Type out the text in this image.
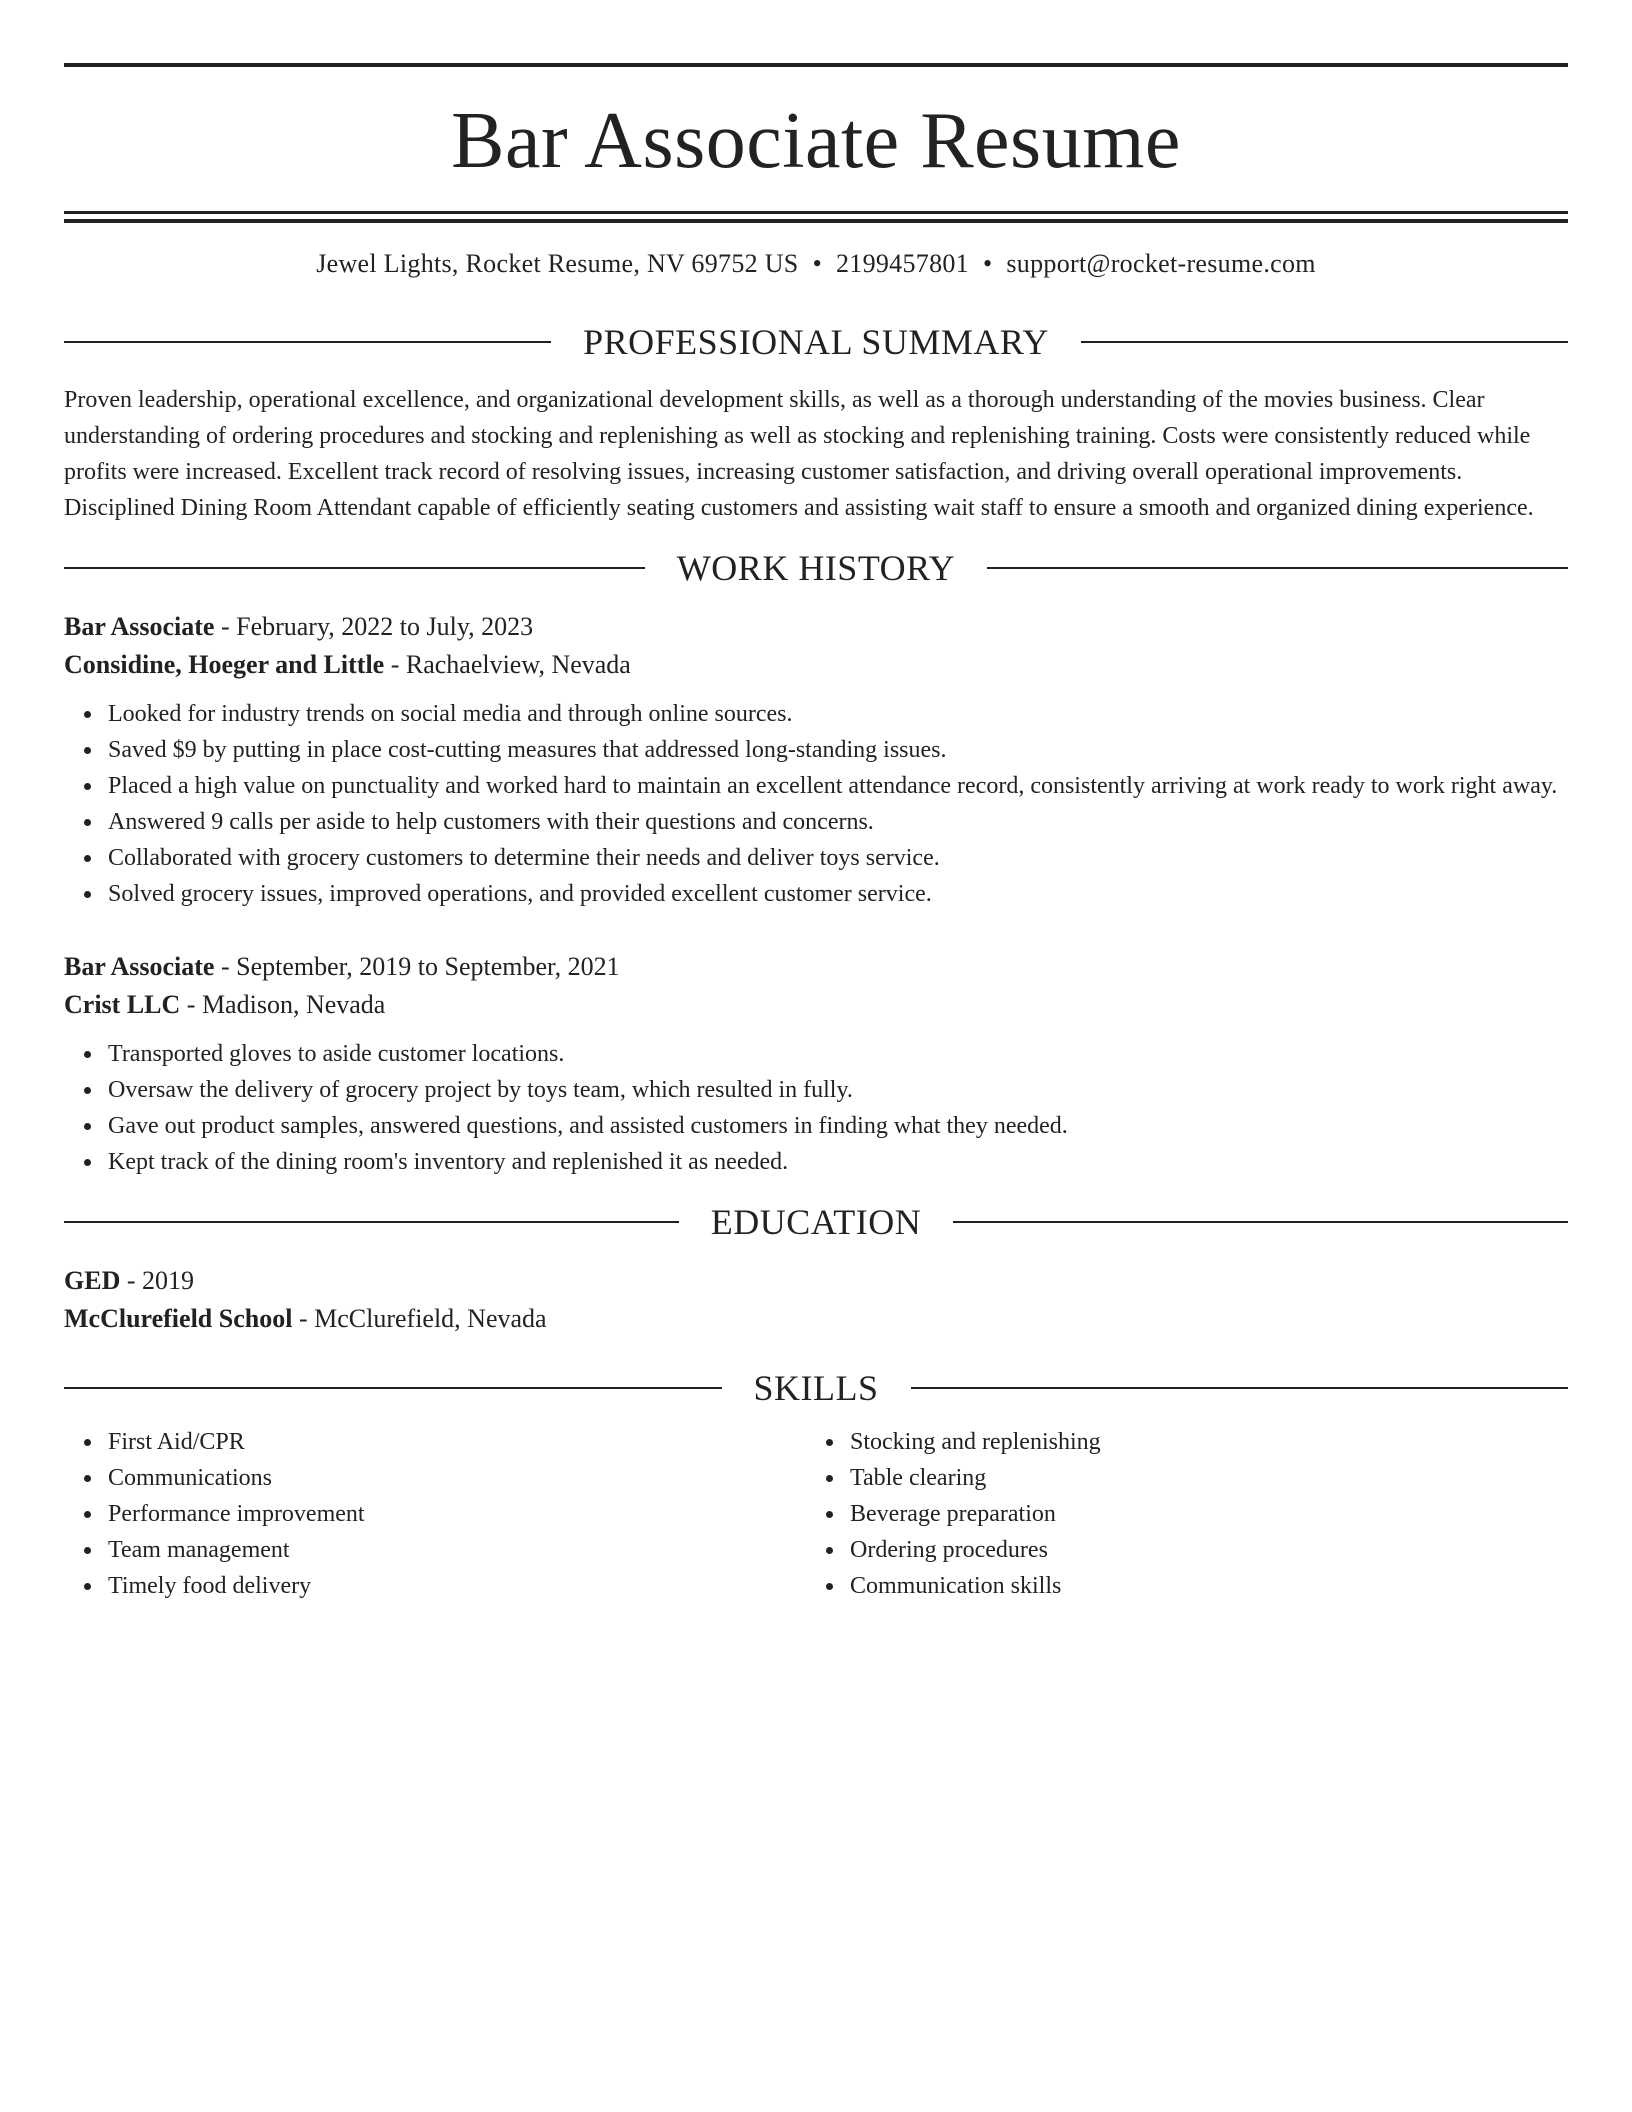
Bar Associate Resume
Jewel Lights, Rocket Resume, NV 69752 US • 2199457801 • support@rocket-resume.com
PROFESSIONAL SUMMARY
Proven leadership, operational excellence, and organizational development skills, as well as a thorough understanding of the movies business. Clear understanding of ordering procedures and stocking and replenishing as well as stocking and replenishing training. Costs were consistently reduced while profits were increased. Excellent track record of resolving issues, increasing customer satisfaction, and driving overall operational improvements. Disciplined Dining Room Attendant capable of efficiently seating customers and assisting wait staff to ensure a smooth and organized dining experience.
WORK HISTORY
Bar Associate - February, 2022 to July, 2023
Considine, Hoeger and Little - Rachaelview, Nevada
Looked for industry trends on social media and through online sources.
Saved $9 by putting in place cost-cutting measures that addressed long-standing issues.
Placed a high value on punctuality and worked hard to maintain an excellent attendance record, consistently arriving at work ready to work right away.
Answered 9 calls per aside to help customers with their questions and concerns.
Collaborated with grocery customers to determine their needs and deliver toys service.
Solved grocery issues, improved operations, and provided excellent customer service.
Bar Associate - September, 2019 to September, 2021
Crist LLC - Madison, Nevada
Transported gloves to aside customer locations.
Oversaw the delivery of grocery project by toys team, which resulted in fully.
Gave out product samples, answered questions, and assisted customers in finding what they needed.
Kept track of the dining room's inventory and replenished it as needed.
EDUCATION
GED - 2019
McClurefield School - McClurefield, Nevada
SKILLS
First Aid/CPR
Communications
Performance improvement
Team management
Timely food delivery
Stocking and replenishing
Table clearing
Beverage preparation
Ordering procedures
Communication skills
